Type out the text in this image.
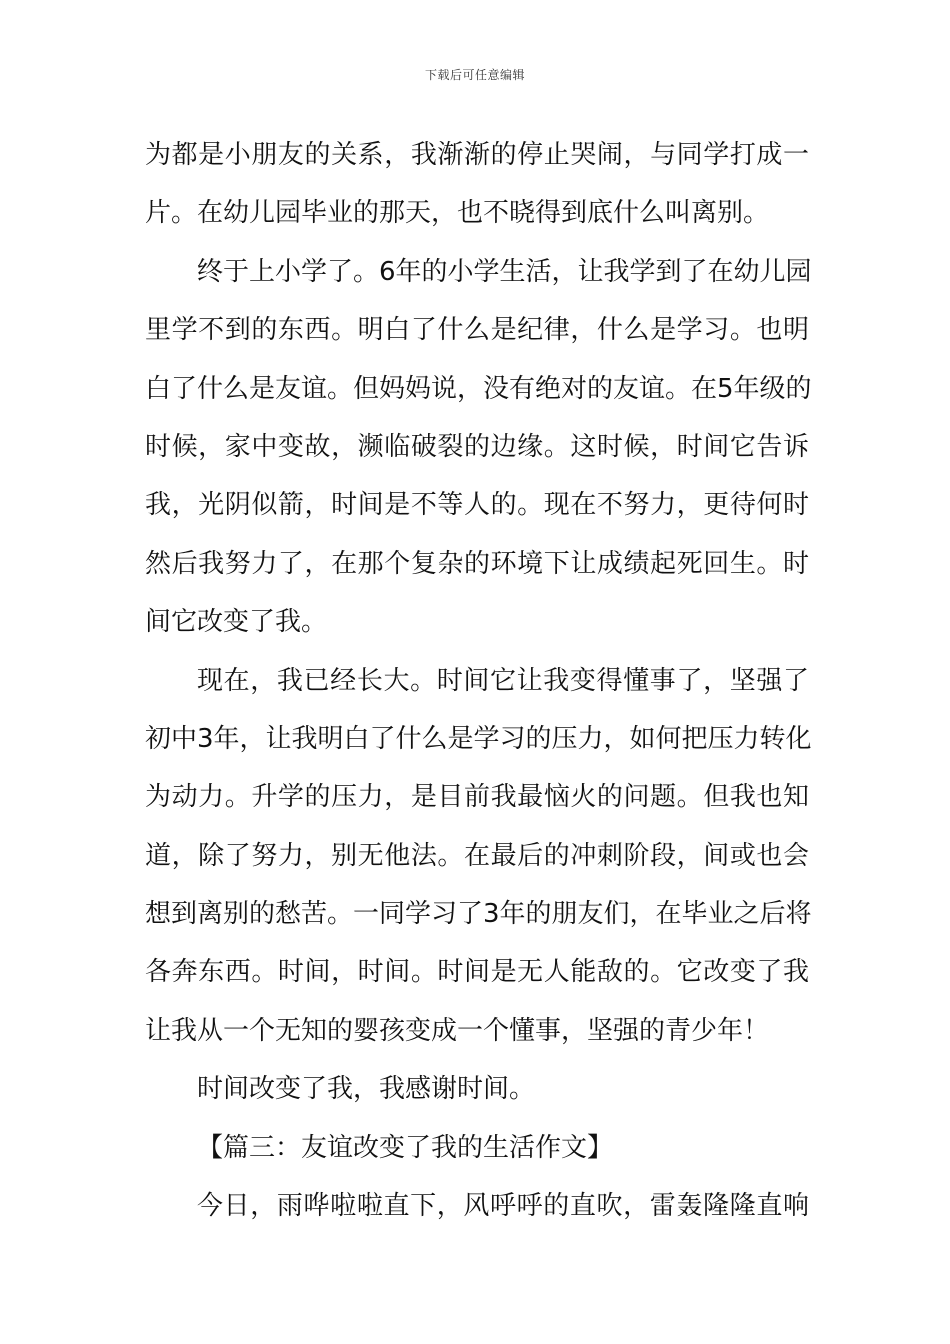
下载后可任意编辑
为都是小朋友的关系，我渐渐的停止哭闹，与同学打成一
片。在幼儿园毕业的那天，也不晓得到底什么叫离别。
终于上小学了。6年的小学生活，让我学到了在幼儿园
里学不到的东西。明白了什么是纪律，什么是学习。也明
白了什么是友谊。但妈妈说，没有绝对的友谊。在5年级的
时候，家中变故，濒临破裂的边缘。这时候，时间它告诉
我，光阴似箭，时间是不等人的。现在不努力，更待何时
然后我努力了，在那个复杂的环境下让成绩起死回生。时
间它改变了我。
现在，我已经长大。时间它让我变得懂事了，坚强了
初中3年，让我明白了什么是学习的压力，如何把压力转化
为动力。升学的压力，是目前我最恼火的问题。但我也知
道，除了努力，别无他法。在最后的冲刺阶段，间或也会
想到离别的愁苦。一同学习了3年的朋友们，在毕业之后将
各奔东西。时间，时间。时间是无人能敌的。它改变了我
让我从一个无知的婴孩变成一个懂事，坚强的青少年！
时间改变了我，我感谢时间。
【篇三：友谊改变了我的生活作文】
今日，雨哗啦啦直下，风呼呼的直吹，雷轰隆隆直响
